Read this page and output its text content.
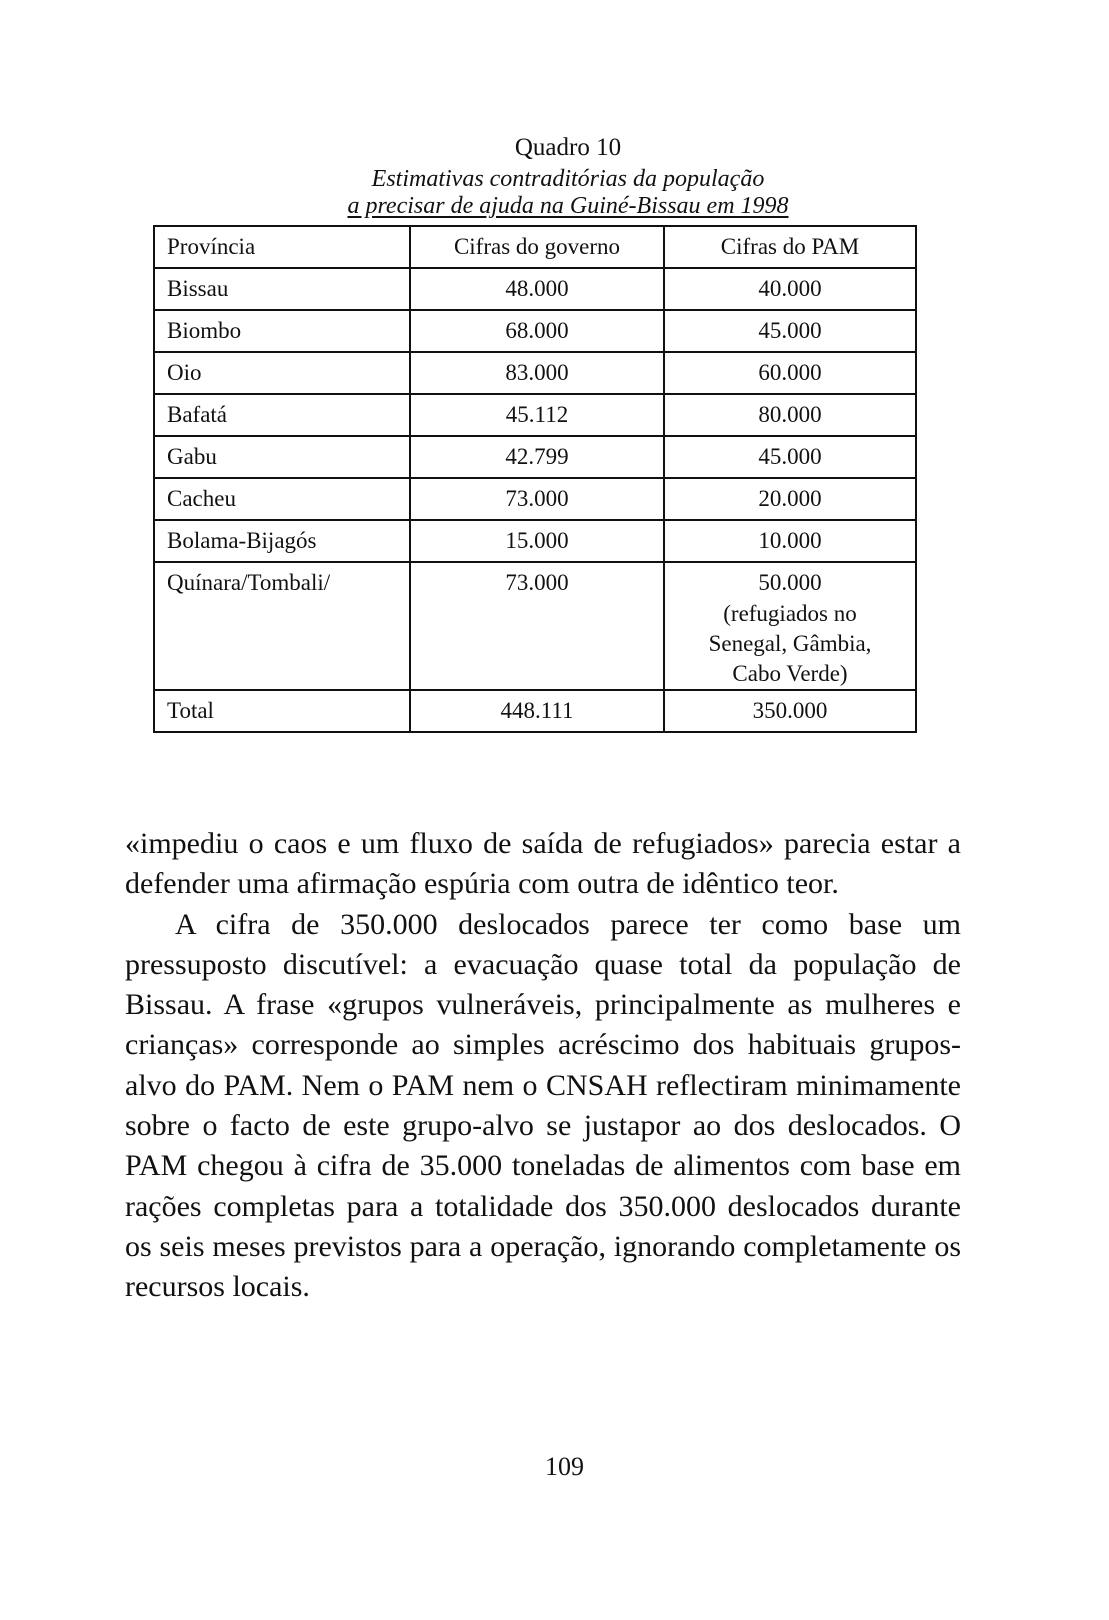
Quadro 10
Estimativas contraditórias da população
a precisar de ajuda na Guiné-Bissau em 1998
Província	Cifras do governo	Cifras do PAM
Bissau	48.000	40.000
Biombo	68.000	45.000
Oio	83.000	60.000
Bafatá	45.112	80.000
Gabu	42.799	45.000
Cacheu	73.000	20.000
Bolama-Bijagós	15.000	10.000
Quínara/Tombali/	73.000	50.000
(refugiados no Senegal, Gâmbia, Cabo Verde)

Total	448.111	350.000

«impediu o caos e um fluxo de saída de refugiados» parecia estar a defender uma afirmação espúria com outra de idêntico teor.

A cifra de 350.000 deslocados parece ter como base um pressuposto discutível: a evacuação quase total da população de Bissau. A frase «grupos vulneráveis, principalmente as mulheres e crianças» corresponde ao simples acréscimo dos habituais grupos-alvo do PAM. Nem o PAM nem o CNSAH reflectiram minimamente sobre o facto de este grupo-alvo se justapor ao dos deslocados. O PAM chegou à cifra de 35.000 toneladas de alimentos com base em rações completas para a totalidade dos 350.000 deslocados durante os seis meses previstos para a operação, ignorando completamente os recursos locais.

109
